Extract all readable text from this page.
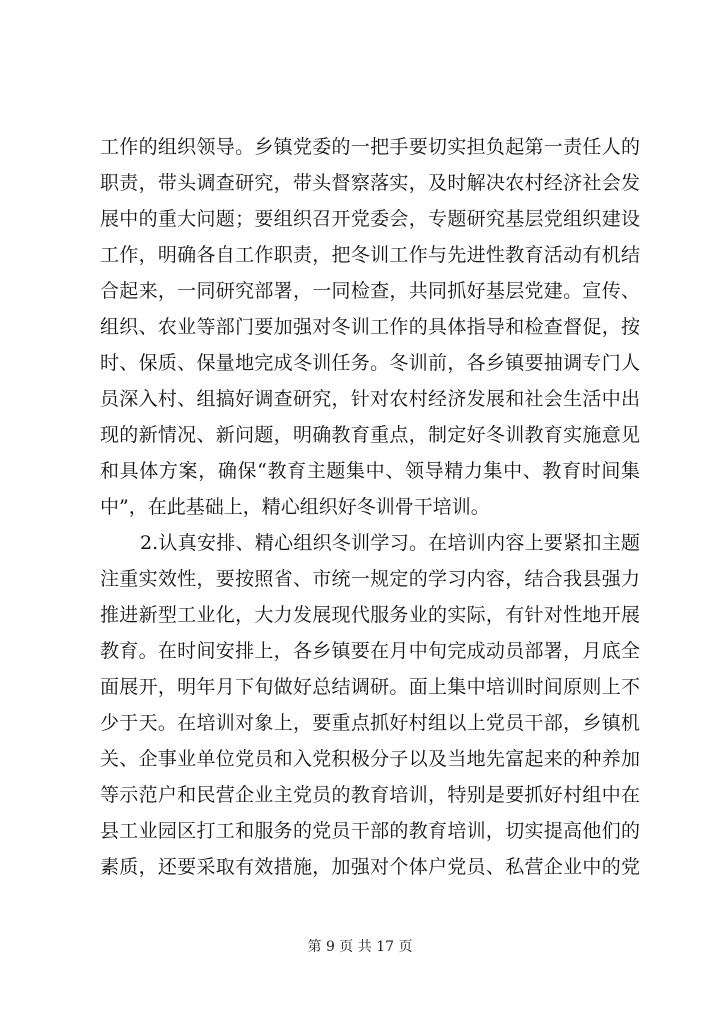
工作的组织领导。乡镇党委的一把手要切实担负起第一责任人的
职责，带头调查研究，带头督察落实，及时解决农村经济社会发
展中的重大问题；要组织召开党委会，专题研究基层党组织建设
工作，明确各自工作职责，把冬训工作与先进性教育活动有机结
合起来，一同研究部署，一同检查，共同抓好基层党建。宣传、
组织、农业等部门要加强对冬训工作的具体指导和检查督促，按
时、保质、保量地完成冬训任务。冬训前，各乡镇要抽调专门人
员深入村、组搞好调查研究，针对农村经济发展和社会生活中出
现的新情况、新问题，明确教育重点，制定好冬训教育实施意见
和具体方案，确保“教育主题集中、领导精力集中、教育时间集
中”，在此基础上，精心组织好冬训骨干培训。
2.认真安排、精心组织冬训学习。在培训内容上要紧扣主题
注重实效性，要按照省、市统一规定的学习内容，结合我县强力
推进新型工业化，大力发展现代服务业的实际，有针对性地开展
教育。在时间安排上，各乡镇要在月中旬完成动员部署，月底全
面展开，明年月下旬做好总结调研。面上集中培训时间原则上不
少于天。在培训对象上，要重点抓好村组以上党员干部，乡镇机
关、企事业单位党员和入党积极分子以及当地先富起来的种养加
等示范户和民营企业主党员的教育培训，特别是要抓好村组中在
县工业园区打工和服务的党员干部的教育培训，切实提高他们的
素质，还要采取有效措施，加强对个体户党员、私营企业中的党
第 9 页 共 17 页
